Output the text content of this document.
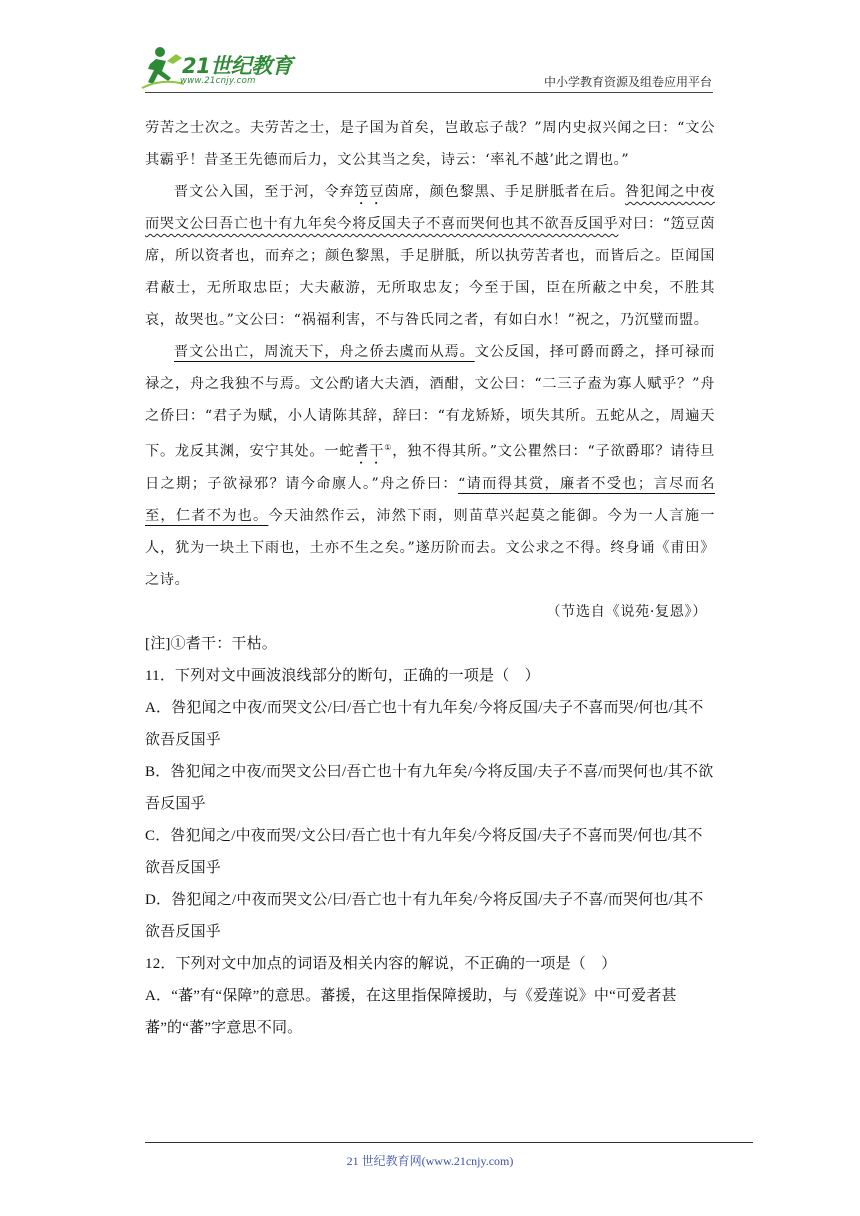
21世纪教育
www.21cnjy.com	中小学教育资源及组卷应用平台

劳苦之士次之。夫劳苦之士，是子国为首矣，岂敢忘子哉？”周内史叔兴闻之曰：“文公其霸乎！昔圣王先德而后力，文公其当之矣，诗云：‘率礼不越’此之谓也。”

晋文公入国，至于河，令弃笾豆茵席，颜色黎黑、手足胼胝者在后。咎犯闻之中夜而哭文公曰吾亡也十有九年矣今将反国夫子不喜而哭何也其不欲吾反国乎对曰：“笾豆茵席，所以资者也，而弃之；颜色黎黑，手足胼胝，所以执劳苦者也，而皆后之。臣闻国君蔽士，无所取忠臣；大夫蔽游，无所取忠友；今至于国，臣在所蔽之中矣，不胜其哀，故哭也。”文公曰：“祸福利害，不与咎氏同之者，有如白水！”祝之，乃沉璧而盟。

晋文公出亡，周流天下，舟之侨去虞而从焉。文公反国，择可爵而爵之，择可禄而禄之，舟之我独不与焉。文公酌诸大夫酒，酒酣，文公曰：“二三子盍为寡人赋乎？”舟之侨曰：“君子为赋，小人请陈其辞，辞曰：“有龙矫矫，顷失其所。五蛇从之，周遍天下。龙反其渊，安宁其处。一蛇耆干①，独不得其所。”文公瞿然曰：“子欲爵耶？请待旦日之期；子欲禄邪？请今命廪人。”舟之侨曰：“请而得其赏，廉者不受也；言尽而名至，仁者不为也。今天油然作云，沛然下雨，则苗草兴起莫之能御。今为一人言施一人，犹为一块土下雨也，土亦不生之矣。”遂历阶而去。文公求之不得。终身诵《甫田》之诗。

（节选自《说苑·复恩》）

[注]①耆干：干枯。

11．下列对文中画波浪线部分的断句，正确的一项是（　）

A．咎犯闻之中夜/而哭文公/曰/吾亡也十有九年矣/今将反国/夫子不喜而哭/何也/其不欲吾反国乎

B．咎犯闻之中夜/而哭文公曰/吾亡也十有九年矣/今将反国/夫子不喜/而哭何也/其不欲吾反国乎

C．咎犯闻之/中夜而哭/文公曰/吾亡也十有九年矣/今将反国/夫子不喜而哭/何也/其不欲吾反国乎

D．咎犯闻之/中夜而哭文公/曰/吾亡也十有九年矣/今将反国/夫子不喜/而哭何也/其不欲吾反国乎

12．下列对文中加点的词语及相关内容的解说，不正确的一项是（　）

A．“蕃”有“保障”的意思。蕃援，在这里指保障援助，与《爱莲说》中“可爱者甚蕃”的“蕃”字意思不同。

21 世纪教育网(www.21cnjy.com)
